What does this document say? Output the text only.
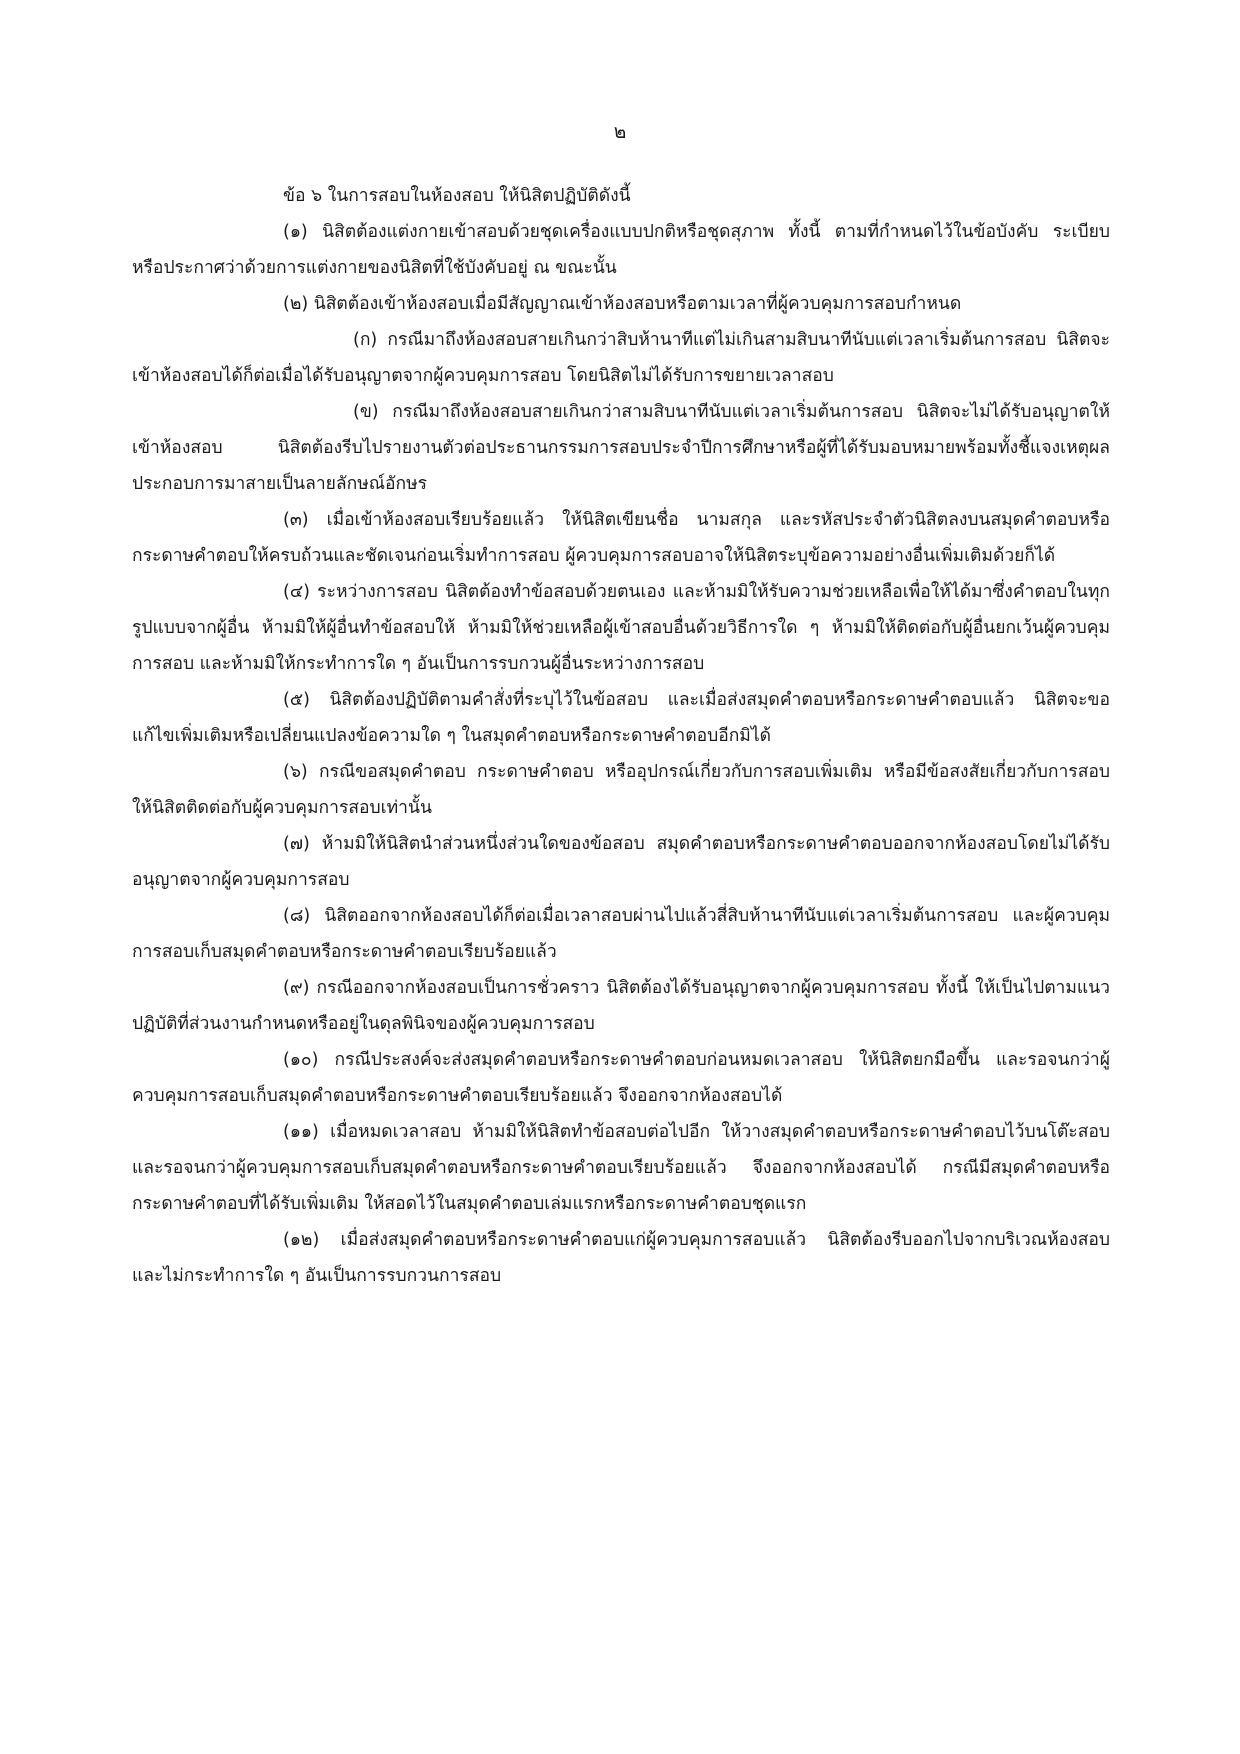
๒

ข้อ ๖ ในการสอบในห้องสอบ ให้นิสิตปฏิบัติดังนี้

(๑) นิสิตต้องแต่งกายเข้าสอบด้วยชุดเครื่องแบบปกติหรือชุดสุภาพ ทั้งนี้ ตามที่กำหนดไว้ในข้อบังคับ ระเบียบ หรือประกาศว่าด้วยการแต่งกายของนิสิตที่ใช้บังคับอยู่ ณ ขณะนั้น

(๒) นิสิตต้องเข้าห้องสอบเมื่อมีสัญญาณเข้าห้องสอบหรือตามเวลาที่ผู้ควบคุมการสอบกำหนด

(ก) กรณีมาถึงห้องสอบสายเกินกว่าสิบห้านาทีแต่ไม่เกินสามสิบนาทีนับแต่เวลาเริ่มต้นการสอบ นิสิตจะเข้าห้องสอบได้ก็ต่อเมื่อได้รับอนุญาตจากผู้ควบคุมการสอบ โดยนิสิตไม่ได้รับการขยายเวลาสอบ

(ข) กรณีมาถึงห้องสอบสายเกินกว่าสามสิบนาทีนับแต่เวลาเริ่มต้นการสอบ นิสิตจะไม่ได้รับอนุญาตให้เข้าห้องสอบ นิสิตต้องรีบไปรายงานตัวต่อประธานกรรมการสอบประจำปีการศึกษาหรือผู้ที่ได้รับมอบหมายพร้อมทั้งชี้แจงเหตุผลประกอบการมาสายเป็นลายลักษณ์อักษร

(๓) เมื่อเข้าห้องสอบเรียบร้อยแล้ว ให้นิสิตเขียนชื่อ นามสกุล และรหัสประจำตัวนิสิตลงบนสมุดคำตอบหรือกระดาษคำตอบให้ครบถ้วนและชัดเจนก่อนเริ่มทำการสอบ ผู้ควบคุมการสอบอาจให้นิสิตระบุข้อความอย่างอื่นเพิ่มเติมด้วยก็ได้

(๔) ระหว่างการสอบ นิสิตต้องทำข้อสอบด้วยตนเอง และห้ามมิให้รับความช่วยเหลือเพื่อให้ได้มาซึ่งคำตอบในทุกรูปแบบจากผู้อื่น ห้ามมิให้ผู้อื่นทำข้อสอบให้ ห้ามมิให้ช่วยเหลือผู้เข้าสอบอื่นด้วยวิธีการใด ๆ ห้ามมิให้ติดต่อกับผู้อื่นยกเว้นผู้ควบคุมการสอบ และห้ามมิให้กระทำการใด ๆ อันเป็นการรบกวนผู้อื่นระหว่างการสอบ

(๕) นิสิตต้องปฏิบัติตามคำสั่งที่ระบุไว้ในข้อสอบ และเมื่อส่งสมุดคำตอบหรือกระดาษคำตอบแล้ว นิสิตจะขอแก้ไขเพิ่มเติมหรือเปลี่ยนแปลงข้อความใด ๆ ในสมุดคำตอบหรือกระดาษคำตอบอีกมิได้

(๖) กรณีขอสมุดคำตอบ กระดาษคำตอบ หรืออุปกรณ์เกี่ยวกับการสอบเพิ่มเติม หรือมีข้อสงสัยเกี่ยวกับการสอบ ให้นิสิตติดต่อกับผู้ควบคุมการสอบเท่านั้น

(๗) ห้ามมิให้นิสิตนำส่วนหนึ่งส่วนใดของข้อสอบ สมุดคำตอบหรือกระดาษคำตอบออกจากห้องสอบโดยไม่ได้รับอนุญาตจากผู้ควบคุมการสอบ

(๘) นิสิตออกจากห้องสอบได้ก็ต่อเมื่อเวลาสอบผ่านไปแล้วสี่สิบห้านาทีนับแต่เวลาเริ่มต้นการสอบ และผู้ควบคุมการสอบเก็บสมุดคำตอบหรือกระดาษคำตอบเรียบร้อยแล้ว

(๙) กรณีออกจากห้องสอบเป็นการชั่วคราว นิสิตต้องได้รับอนุญาตจากผู้ควบคุมการสอบ ทั้งนี้ ให้เป็นไปตามแนวปฏิบัติที่ส่วนงานกำหนดหรืออยู่ในดุลพินิจของผู้ควบคุมการสอบ

(๑๐) กรณีประสงค์จะส่งสมุดคำตอบหรือกระดาษคำตอบก่อนหมดเวลาสอบ ให้นิสิตยกมือขึ้น และรอจนกว่าผู้ควบคุมการสอบเก็บสมุดคำตอบหรือกระดาษคำตอบเรียบร้อยแล้ว จึงออกจากห้องสอบได้

(๑๑) เมื่อหมดเวลาสอบ ห้ามมิให้นิสิตทำข้อสอบต่อไปอีก ให้วางสมุดคำตอบหรือกระดาษคำตอบไว้บนโต๊ะสอบ และรอจนกว่าผู้ควบคุมการสอบเก็บสมุดคำตอบหรือกระดาษคำตอบเรียบร้อยแล้ว จึงออกจากห้องสอบได้ กรณีมีสมุดคำตอบหรือกระดาษคำตอบที่ได้รับเพิ่มเติม ให้สอดไว้ในสมุดคำตอบเล่มแรกหรือกระดาษคำตอบชุดแรก

(๑๒) เมื่อส่งสมุดคำตอบหรือกระดาษคำตอบแก่ผู้ควบคุมการสอบแล้ว นิสิตต้องรีบออกไปจากบริเวณห้องสอบ และไม่กระทำการใด ๆ อันเป็นการรบกวนการสอบ
